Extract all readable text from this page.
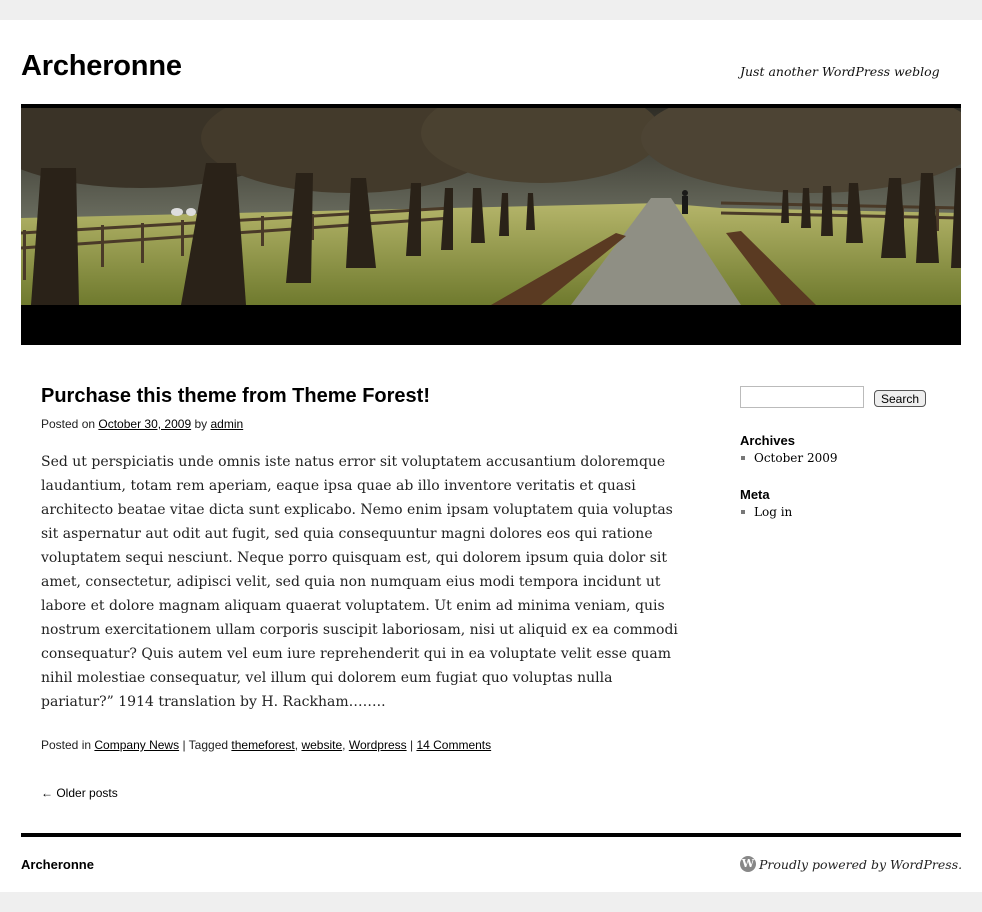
Archeronne	Just another WordPress weblog
Purchase this theme from Theme Forest!
Posted on October 30, 2009 by admin
Sed ut perspiciatis unde omnis iste natus error sit voluptatem accusantium doloremque laudantium, totam rem aperiam, eaque ipsa quae ab illo inventore veritatis et quasi architecto beatae vitae dicta sunt explicabo. Nemo enim ipsam voluptatem quia voluptas sit aspernatur aut odit aut fugit, sed quia consequuntur magni dolores eos qui ratione voluptatem sequi nesciunt. Neque porro quisquam est, qui dolorem ipsum quia dolor sit amet, consectetur, adipisci velit, sed quia non numquam eius modi tempora incidunt ut labore et dolore magnam aliquam quaerat voluptatem. Ut enim ad minima veniam, quis nostrum exercitationem ullam corporis suscipit laboriosam, nisi ut aliquid ex ea commodi consequatur? Quis autem vel eum iure reprehenderit qui in ea voluptate velit esse quam nihil molestiae consequatur, vel illum qui dolorem eum fugiat quo voluptas nulla pariatur?” 1914 translation by H. Rackham……..
Posted in Company News | Tagged themeforest, website, Wordpress | 14 Comments
← Older posts
Search
Archives
October 2009
Meta
Log in
Archeronne	W Proudly powered by WordPress.
